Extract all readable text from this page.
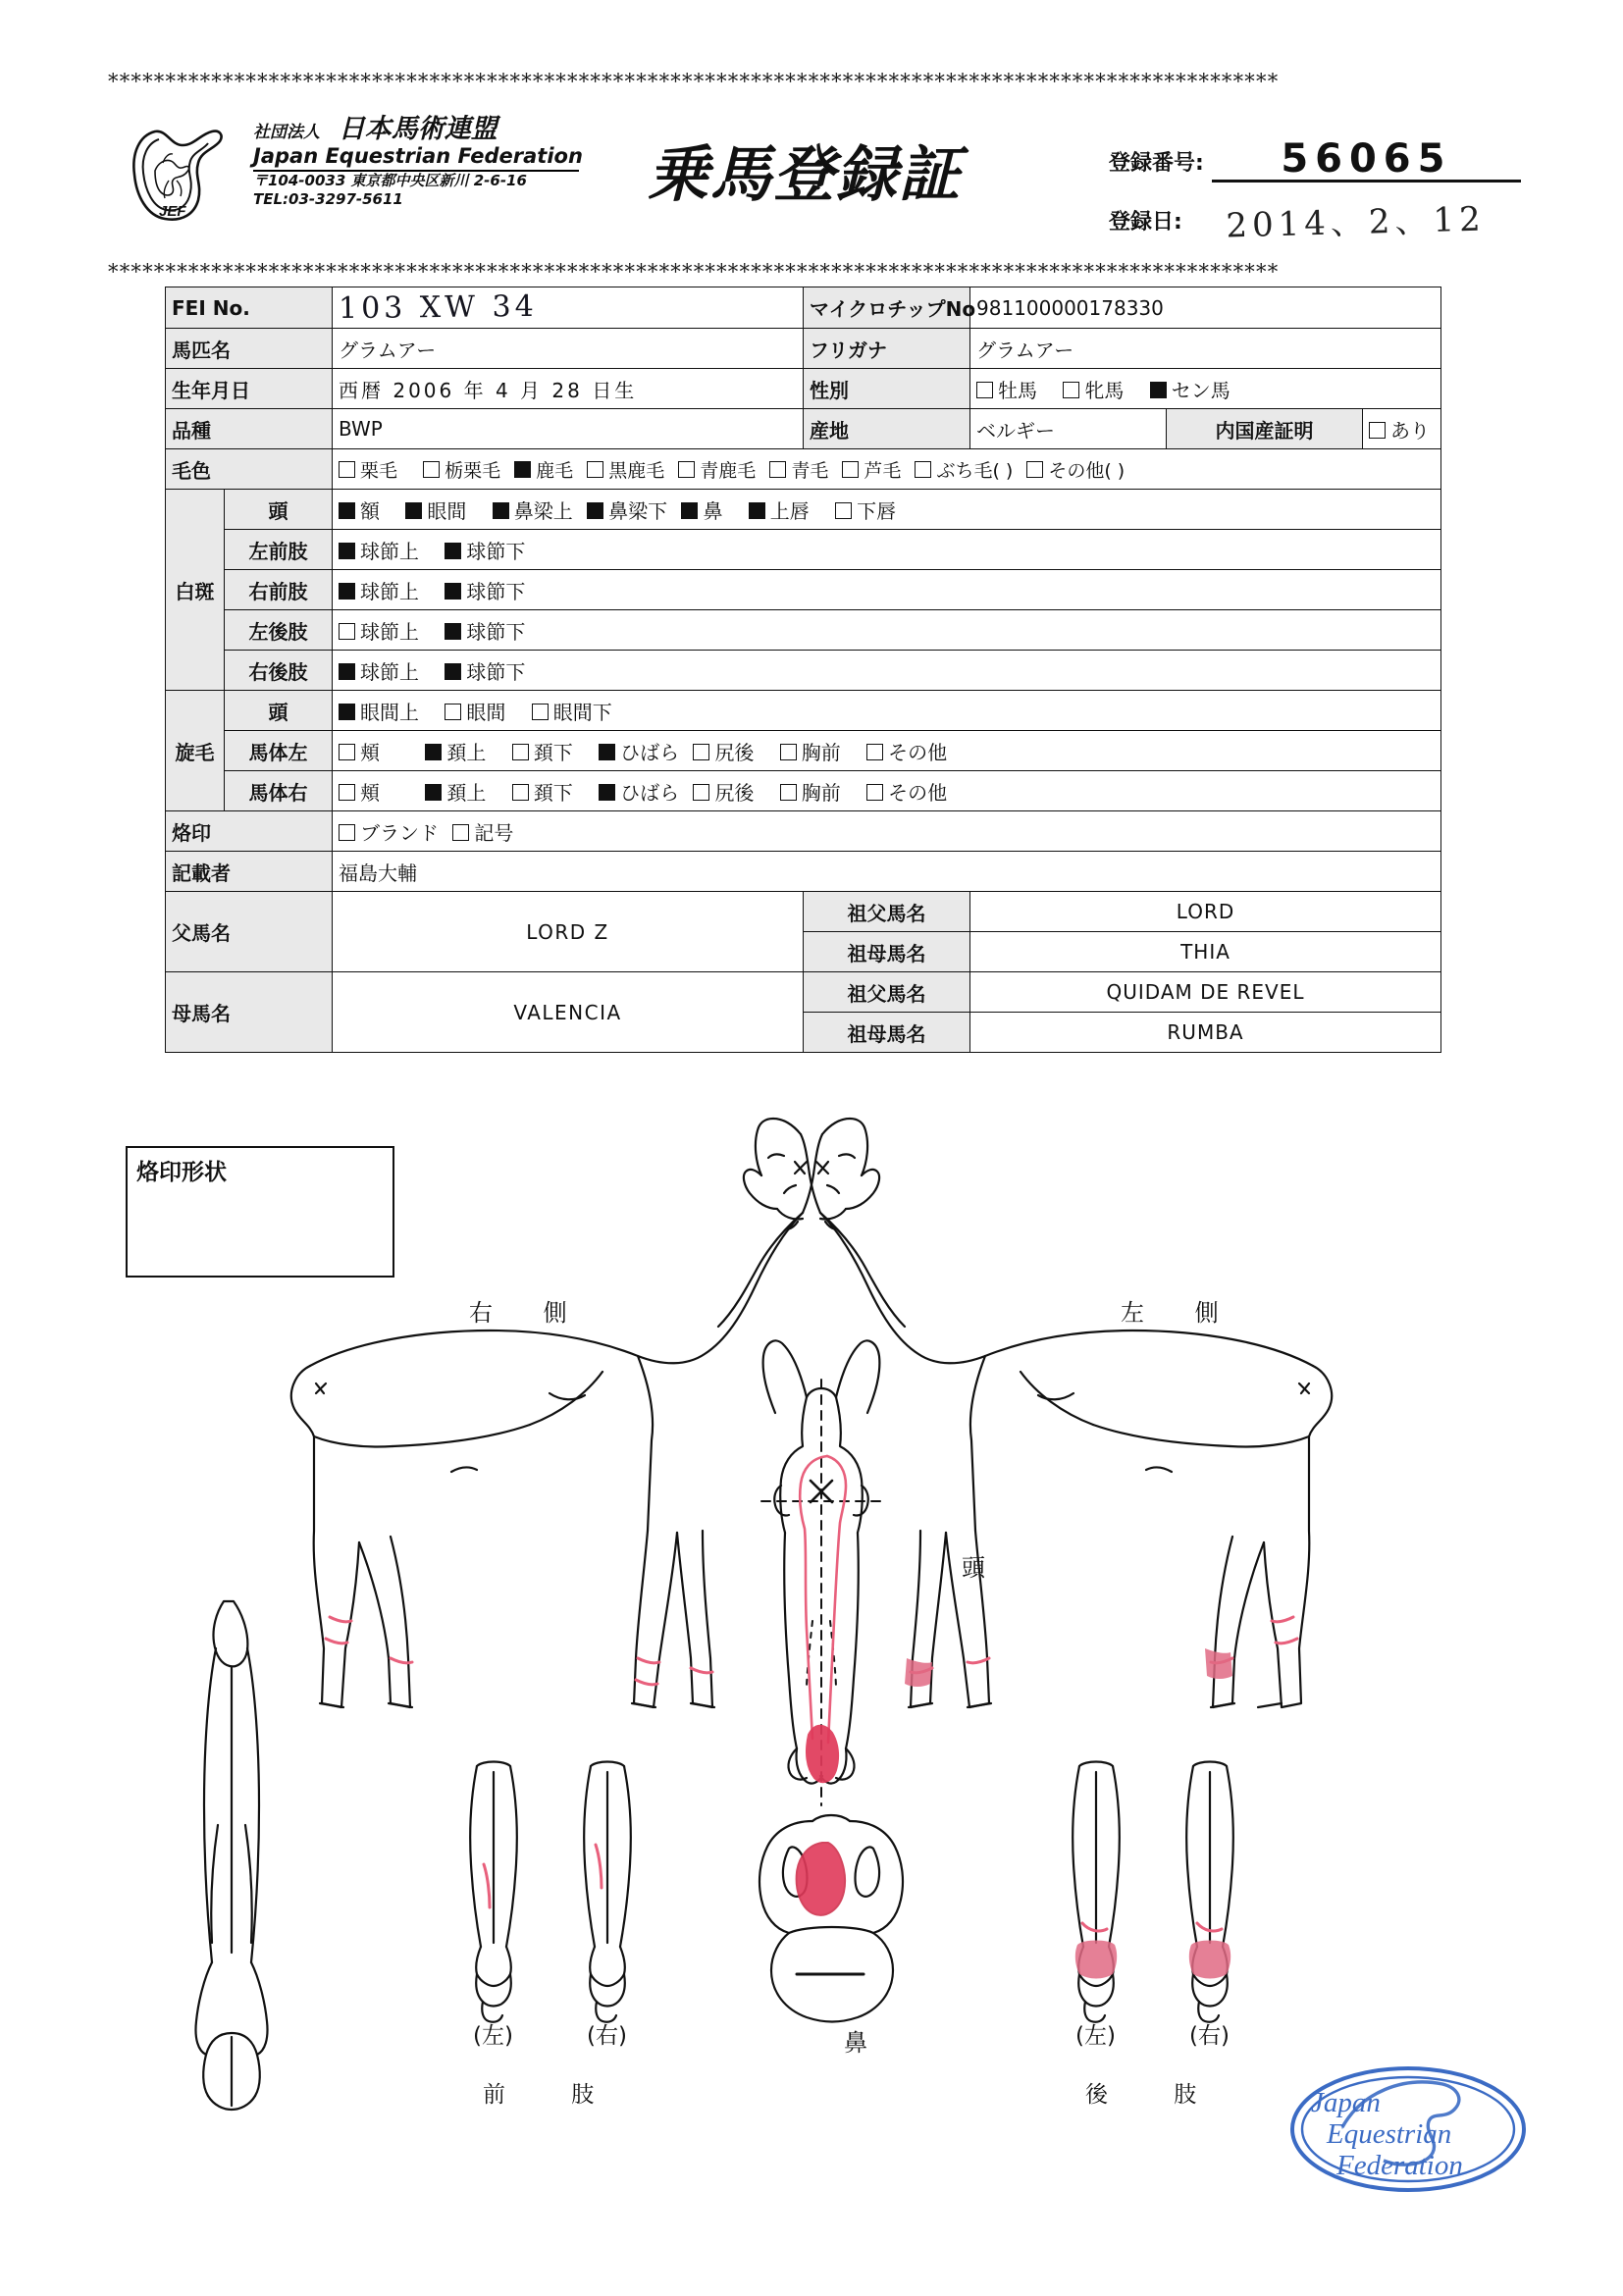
******************************************************************************************************
******************************************************************************************************
JEF
社団法人 日本馬術連盟
Japan Equestrian Federation
〒104-0033 東京都中央区新川 2-6-16
TEL:03-3297-5611	乗馬登録証	登録番号:	56065
登録日:	2014、2、12
FEI No.		103 XW 34	マイクロチップNo	981100000178330		
馬匹名		グラムアー	フリガナ	グラムアー		
生年月日		西暦 2006 年 4 月 28 日生	性別	牡馬 牝馬 セン馬		
品種		BWP	産地	ベルギー	内国産証明	あり
毛色		栗毛 栃栗毛 鹿毛 黒鹿毛 青鹿毛 青毛 芦毛 ぶち毛( ) その他( )				
白斑	頭	額 眼間 鼻梁上 鼻梁下 鼻 上唇 下唇				
	左前肢	球節上 球節下				
	右前肢	球節上 球節下				
	左後肢	球節上 球節下				
	右後肢	球節上 球節下				
旋毛	頭	眼間上 眼間 眼間下				
	馬体左	頬 頚上 頚下 ひばら 尻後 胸前 その他				
	馬体右	頬 頚上 頚下 ひばら 尻後 胸前 その他				
烙印		ブランド 記号				
記載者		福島大輔				
父馬名		LORD Z	祖父馬名	LORD		
			祖母馬名	THIA		
母馬名		VALENCIA	祖父馬名	QUIDAM DE REVEL		
			祖母馬名	RUMBA		
烙印形状
右 側	左 側
頭
鼻
(左)	(右)
前 肢
(左)	(右)
後 肢	Japan
Equestrian
Federation
